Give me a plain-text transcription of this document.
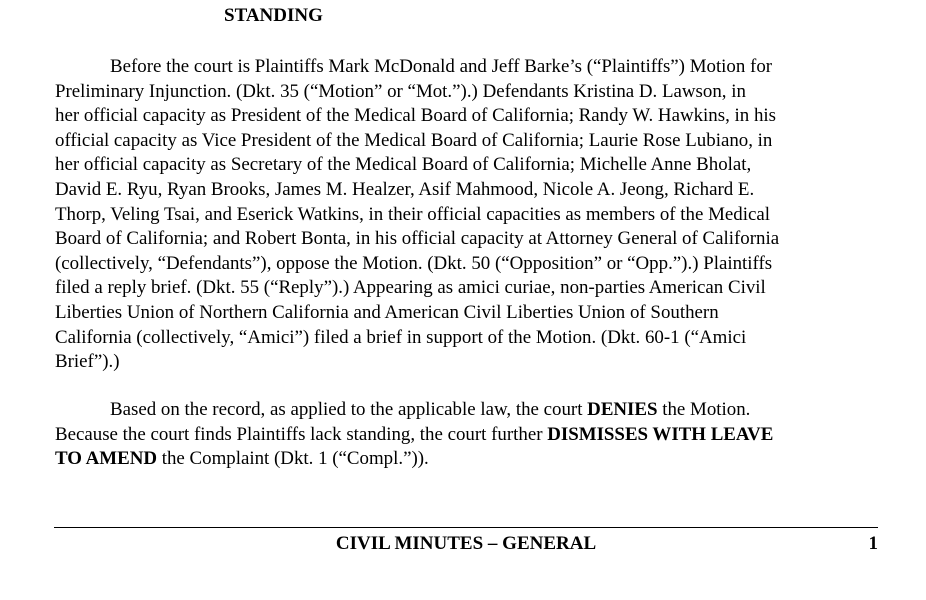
STANDING
Before the court is Plaintiffs Mark McDonald and Jeff Barke’s (“Plaintiffs”) Motion for
Preliminary Injunction. (Dkt. 35 (“Motion” or “Mot.”).) Defendants Kristina D. Lawson, in
her official capacity as President of the Medical Board of California; Randy W. Hawkins, in his
official capacity as Vice President of the Medical Board of California; Laurie Rose Lubiano, in
her official capacity as Secretary of the Medical Board of California; Michelle Anne Bholat,
David E. Ryu, Ryan Brooks, James M. Healzer, Asif Mahmood, Nicole A. Jeong, Richard E.
Thorp, Veling Tsai, and Eserick Watkins, in their official capacities as members of the Medical
Board of California; and Robert Bonta, in his official capacity at Attorney General of California
(collectively, “Defendants”), oppose the Motion. (Dkt. 50 (“Opposition” or “Opp.”).) Plaintiffs
filed a reply brief. (Dkt. 55 (“Reply”).) Appearing as amici curiae, non-parties American Civil
Liberties Union of Northern California and American Civil Liberties Union of Southern
California (collectively, “Amici”) filed a brief in support of the Motion. (Dkt. 60-1 (“Amici
Brief”).)
Based on the record, as applied to the applicable law, the court DENIES the Motion.
Because the court finds Plaintiffs lack standing, the court further DISMISSES WITH LEAVE
TO AMEND the Complaint (Dkt. 1 (“Compl.”)).
CIVIL MINUTES – GENERAL	1
